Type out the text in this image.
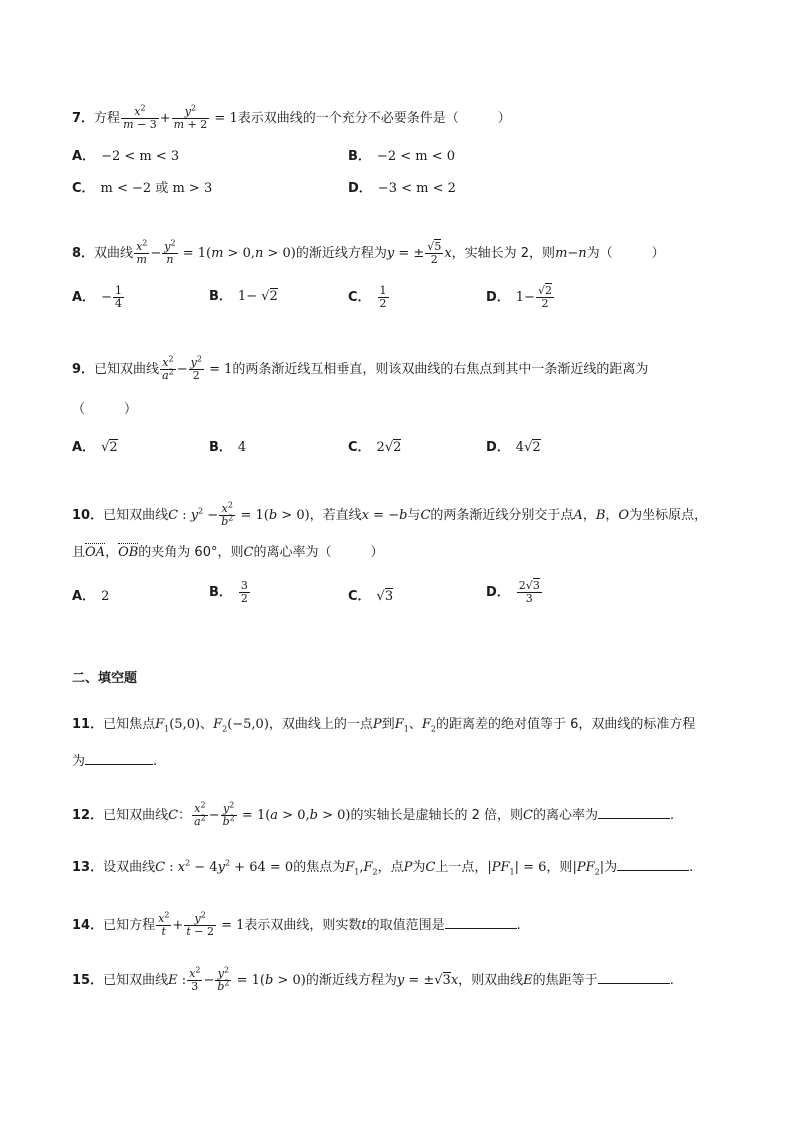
7．方程 $\frac{x^2}{m - 3} + \frac{y^2}{m + 2} = 1$表示双曲线的一个充分不必要条件是（　　　）
A． −2 < m < 3	B． −2 < m < 0
C． m < −2 或 m > 3	D． −3 < m < 2
8．双曲线 $\frac{x^2}{m} - \frac{y^2}{n} = 1(m > 0,n > 0)$的渐近线方程为y = ± $\frac{√5}{2}$ x，实轴长为 2，则m−n为（　　　）
A． − $\frac{1}{4}$	B． 1− √2	C． $\frac{1}{2}$	D． $1- \frac{√2}{2}$
9．已知双曲线 $\frac{x^2}{a^2} - \frac{y^2}{2} = 1$的两条渐近线互相垂直，则该双曲线的右焦点到其中一条渐近线的距离为
（　　　）
A． √2	B． 4	C． 2√2	D． 4√2
10．已知双曲线C : $y^2 - \frac{x^2}{b^2} = 1(b > 0)$，若直线x = −b与C的两条渐近线分别交于点A，B，O为坐标原点，
且OA，OB的夹角为 60°，则C的离心率为（　　　）
A． 2	B． $\frac{3}{2}$	C． √3	D． $\frac{2√3}{3}$
二、填空题
11．已知焦点$F_1(5,0)$、$F_2(-5,0)$，双曲线上的一点P到$F_1$、$F_2$的距离差的绝对值等于 6，双曲线的标准方程
为	.
12．已知双曲线C： $\frac{x^2}{a^2} - \frac{y^2}{b^2} = 1(a > 0,b > 0)$的实轴长是虚轴长的 2 倍，则C的离心率为	.
13．设双曲线C : $x^2 - 4y^2 + 64 = 0$的焦点为$F_1,F_2$，点P为C上一点，$|PF_1| = 6$，则$|PF_2|$为	.
14．已知方程 $\frac{x^2}{t} + \frac{y^2}{t - 2} = 1$表示双曲线，则实数t的取值范围是	.
15．已知双曲线E : $\frac{x^2}{3} - \frac{y^2}{b^2} = 1(b > 0)$的渐近线方程为y = ±√3x，则双曲线E的焦距等于	.
